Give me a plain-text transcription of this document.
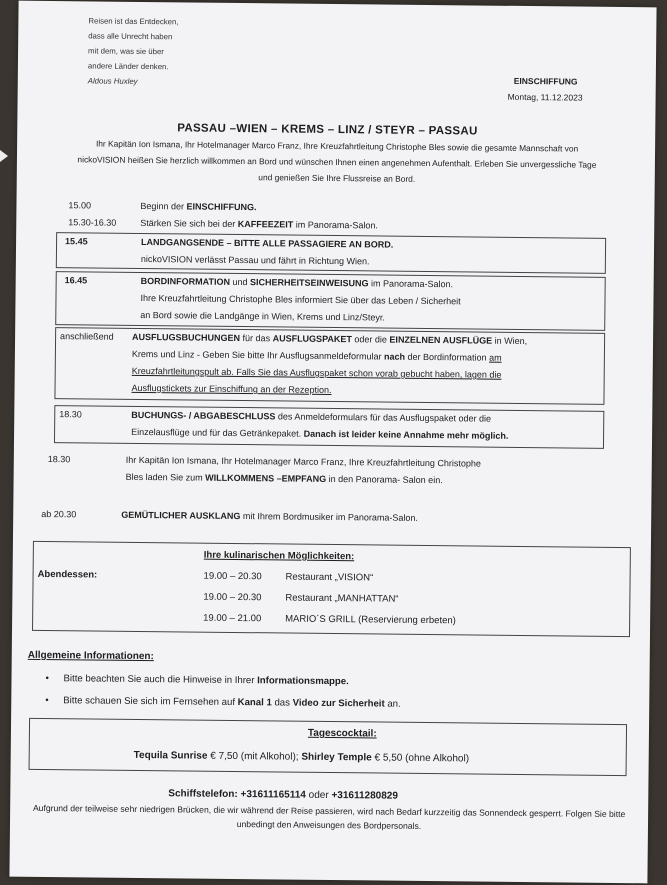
Reisen ist das Entdecken,
dass alle Unrecht haben
mit dem, was sie über
andere Länder denken.
Aldous Huxley	EINSCHIFFUNG
Montag, 11.12.2023
PASSAU –WIEN – KREMS – LINZ / STEYR – PASSAU
Ihr Kapitän Ion Ismana, Ihr Hotelmanager Marco Franz, Ihre Kreuzfahrtleitung Christophe Bles sowie die gesamte Mannschaft von nickoVISION heißen Sie herzlich willkommen an Bord und wünschen Ihnen einen angenehmen Aufenthalt. Erleben Sie unvergessliche Tage und genießen Sie Ihre Flussreise an Bord.
15.00	Beginn der EINSCHIFFUNG.
15.30-16.30	Stärken Sie sich bei der KAFFEEZEIT im Panorama-Salon.
15.45	LANDGANGSENDE – BITTE ALLE PASSAGIERE AN BORD.
nickoVISION verlässt Passau und fährt in Richtung Wien.
16.45	BORDINFORMATION und SICHERHEITSEINWEISUNG im Panorama-Salon.
Ihre Kreuzfahrtleitung Christophe Bles informiert Sie über das Leben / Sicherheit
an Bord sowie die Landgänge in Wien, Krems und Linz/Steyr.
anschließend AUSFLUGSBUCHUNGEN für das AUSFLUGSPAKET oder die EINZELNEN AUSFLÜGE in Wien,
Krems und Linz - Geben Sie bitte Ihr Ausflugsanmeldeformular nach der Bordinformation am
Kreuzfahrtleitungspult ab. Falls Sie das Ausflugspaket schon vorab gebucht haben, lagen die
Ausflugstickets zur Einschiffung an der Rezeption.
18.30	BUCHUNGS- / ABGABESCHLUSS des Anmeldeformulars für das Ausflugspaket oder die
Einzelausflüge und für das Getränkepaket. Danach ist leider keine Annahme mehr möglich.
18.30	Ihr Kapitän Ion Ismana, Ihr Hotelmanager Marco Franz, Ihre Kreuzfahrtleitung Christophe
Bles laden Sie zum WILLKOMMENS –EMPFANG in den Panorama- Salon ein.
ab 20.30	GEMÜTLICHER AUSKLANG mit Ihrem Bordmusiker im Panorama-Salon.
Ihre kulinarischen Möglichkeiten:
Abendessen:	19.00 – 20.30	Restaurant „VISION“
19.00 – 20.30	Restaurant „MANHATTAN“
19.00 – 21.00	MARIO´S GRILL (Reservierung erbeten)
Allgemeine Informationen:
• Bitte beachten Sie auch die Hinweise in Ihrer Informationsmappe.
• Bitte schauen Sie sich im Fernsehen auf Kanal 1 das Video zur Sicherheit an.
Tagescocktail:
Tequila Sunrise € 7,50 (mit Alkohol); Shirley Temple € 5,50 (ohne Alkohol)
Schiffstelefon: +31611165114 oder +31611280829
Aufgrund der teilweise sehr niedrigen Brücken, die wir während der Reise passieren, wird nach Bedarf kurzzeitig das Sonnendeck gesperrt. Folgen Sie bitte unbedingt den Anweisungen des Bordpersonals.
